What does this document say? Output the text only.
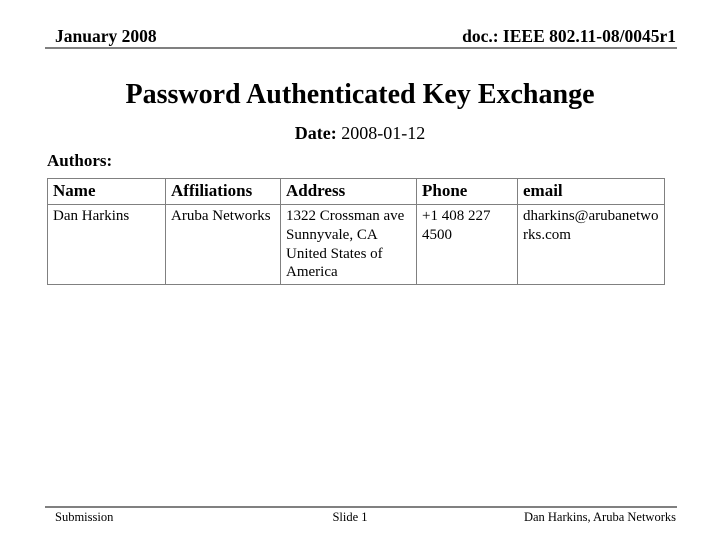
January 2008	doc.: IEEE 802.11-08/0045r1
Password Authenticated Key Exchange
Date: 2008-01-12
Authors:
Name	Affiliations	Address	Phone	email
Dan Harkins	Aruba Networks	1322 Crossman ave Sunnyvale, CA United States of America	+1 408 227 4500	dharkins@arubanetworks.com
Submission	Slide 1	Dan Harkins, Aruba Networks
